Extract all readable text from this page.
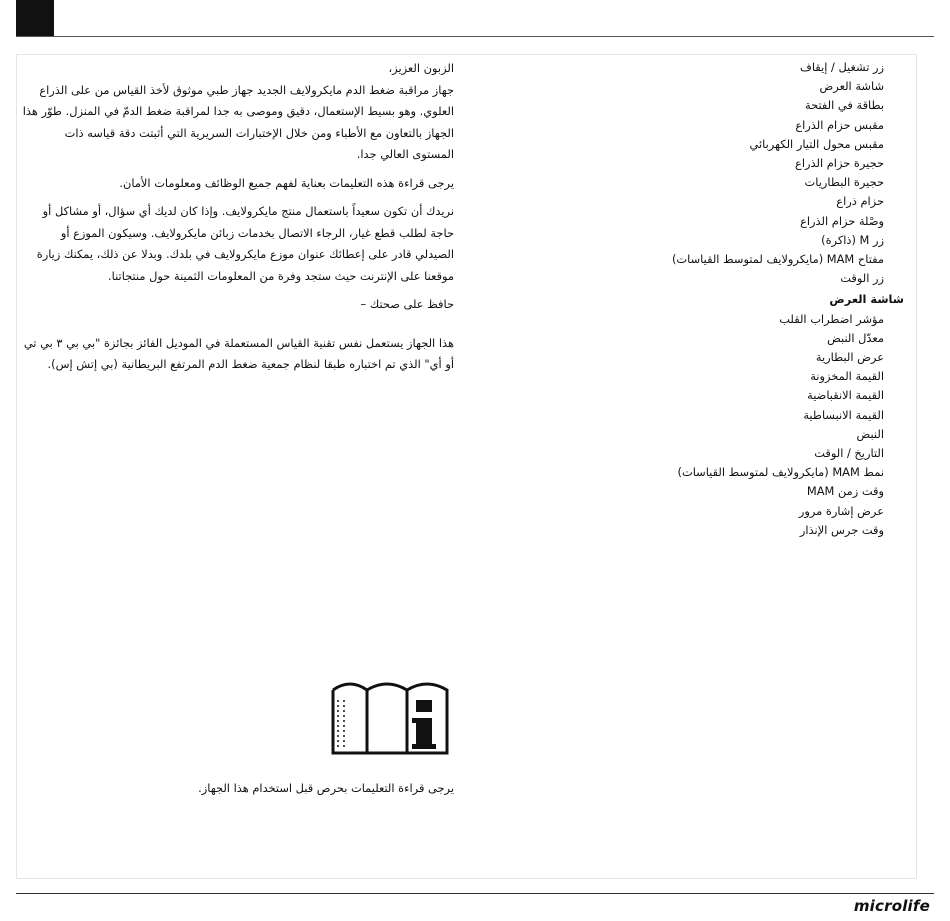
الزبون العزيز،

جهاز مراقبة ضغط الدم مايكرولايف الجديد جهاز طبي موثوق لأخذ القياس من على الذراع العلوي. وهو بسيط الإستعمال، دقيق وموصى به جدا لمراقبة ضغط الدمّ في المنزل. طوّر هذا الجهاز بالتعاون مع الأطباء ومن خلال الإختبارات السريرية التي أثبتت دقة قياسه ذات المستوى العالي جدا.

يرجى قراءة هذه التعليمات بعناية لفهم جميع الوظائف ومعلومات الأمان.

نريدك أن تكون سعيداً باستعمال منتج مايكرولايف. وإذا كان لديك أي سؤال، أو مشاكل أو حاجة لطلب قطع غيار، الرجاء الاتصال بخدمات زبائن مايكرولايف. وسيكون الموزع أو الصيدلي قادر على إعطائك عنوان موزع مايكرولايف في بلدك. وبدلا عن ذلك، يمكنك زيارة موقعنا على الإنترنت حيث ستجد وفرة من المعلومات الثمينة حول منتجاتنا.

حافظ على صحتك –

هذا الجهاز يستعمل نفس تقنية القياس المستعملة في الموديل الفائز بجائزة "بي بي ٣ بي تي أو أي" الذي تم اختباره طبقا لنظام جمعية ضغط الدم المرتفع البريطانية (بي إتش إس).

زر تشغيل / إيقاف
شاشة العرض
بطاقة في الفتحة
مقبس حزام الذراع
مقبس محول التيار الكهربائي
حجيرة حزام الذراع
حجيرة البطاريات
حزام ذراع
وصْلة حزام الذراع
زر M (ذاكرة)
مفتاح MAM (مايكرولايف لمتوسط القياسات)
زر الوقت
شاشة العرض
مؤشر اضطراب القلب
معدّل النبض
عرض البطارية
القيمة المخزونة
القيمة الانقباضية
القيمة الانبساطية
النبض
التاريخ / الوقت
نمط MAM (مايكرولايف لمتوسط القياسات)
وقت زمن MAM
عرض إشارة مرور
وقت جرس الإنذار
يرجى قراءة التعليمات بحرص قبل استخدام هذا الجهاز.
microlife
